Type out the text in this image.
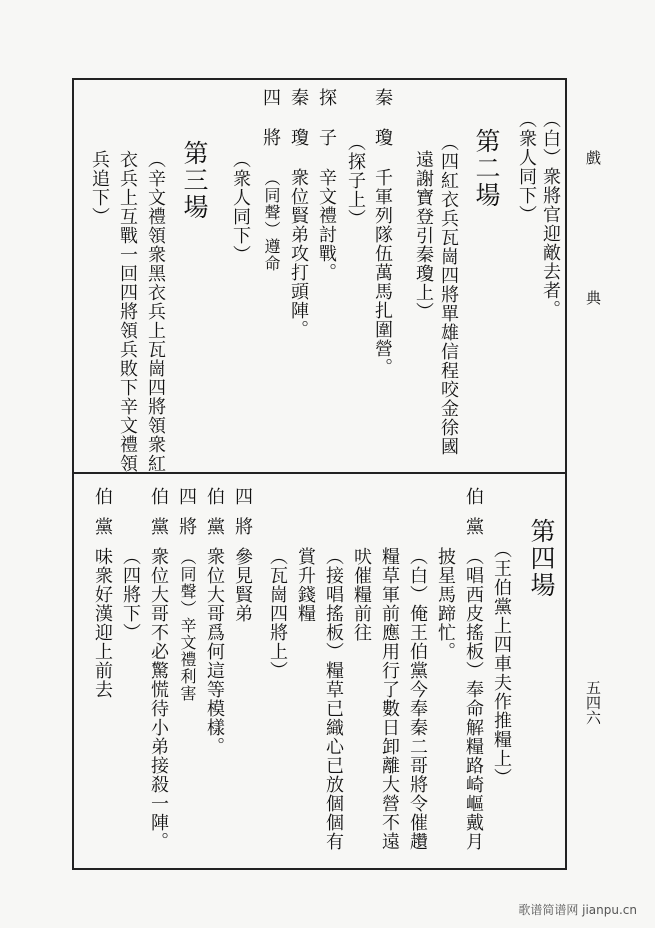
戲
典
五四六
（白）衆將官迎敵去者。
（衆人同下）
第二場
（四紅衣兵瓦崗四將單雄信程咬金徐國
遠謝寶登引秦瓊上）
秦
瓊
千軍列隊伍萬馬扎圍營。
（探子上）
探
子
辛文禮討戰。
秦
瓊
衆位賢弟攻打頭陣。
四
將
（同聲）遵命
（衆人同下）
第三場
（辛文禮領衆黑衣兵上瓦崗四將領衆紅
衣兵上互戰一回四將領兵敗下辛文禮領
兵追下）
第四場
（王伯黨上四車夫作推糧上）
伯
黨
（唱西皮搖板）奉命解糧路崎嶇戴月
披星馬蹄忙。
（白）俺王伯黨今奉秦二哥將令催趲
糧草軍前應用行了數日卸離大營不遠
吠催糧前往
（接唱搖板）糧草已織心已放個個有
賞升錢糧
（瓦崗四將上）
四
將
參見賢弟
伯
黨
衆位大哥爲何這等模樣。
四
將
（同聲）辛文禮利害
伯
黨
衆位大哥不必驚慌待小弟接殺一陣。
（四將下）
伯
黨
味衆好漢迎上前去
歌谱简谱网 jianpu.cn
